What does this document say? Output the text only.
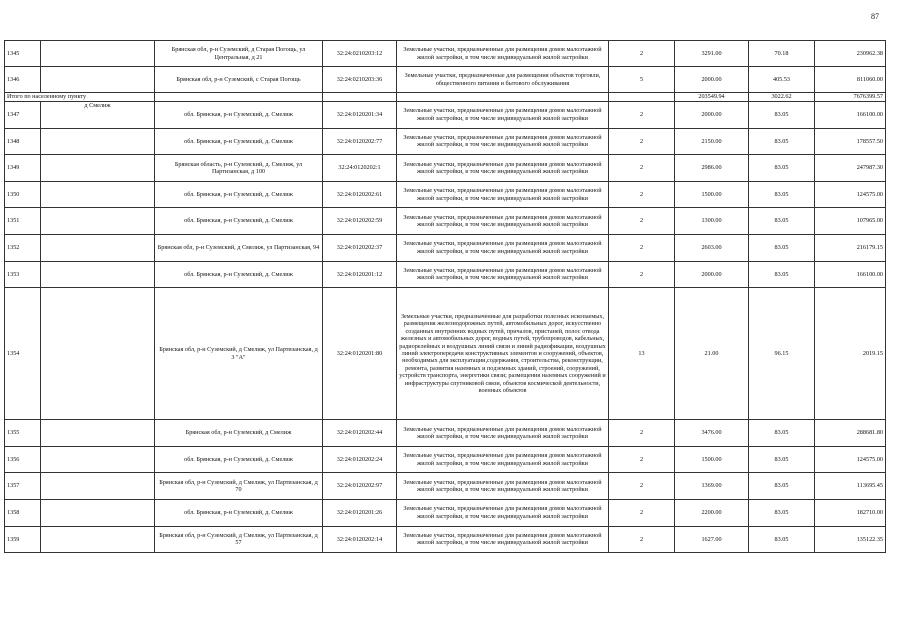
87
1345		Брянская обл, р-н Суземский, д Старая Погощь, ул Центральная, д 21	32:24:0210203:12	Земельные участки, предназначенные для размещения домов малоэтажной жилой застройки, в том числе индивидуальной жилой застройки	2	3291.00	70.18	230962.38
1346		Брянская обл, р-н Суземский, с Старая Погощь	32:24:0210203:36	Земельные участки, предназначенные для размещения объектов торговли, общественного питания и бытового обслуживания	5	2000.00	405.53	811060.00
Итого по населенному пункту						203549.94	3022.62	7676399.57
1347	д Смелиж	обл. Брянская, р-н Суземский, д. Смелиж	32:24:0120201:34	Земельные участки, предназначенные для размещения домов малоэтажной жилой застройки, в том числе индивидуальной жилой застройки	2	2000.00	83.05	166100.00
1348		обл. Брянская, р-н Суземский, д. Смелиж	32:24:0120202:77	Земельные участки, предназначенные для размещения домов малоэтажной жилой застройки, в том числе индивидуальной жилой застройки	2	2150.00	83.05	178557.50
1349		Брянская область, р-н Суземский, д. Смелиж, ул Партизанская, д 100	32:24:0120202:1	Земельные участки, предназначенные для размещения домов малоэтажной жилой застройки, в том числе индивидуальной жилой застройки	2	2986.00	83.05	247987.30
1350		обл. Брянская, р-н Суземский, д. Смелиж	32:24:0120202:61	Земельные участки, предназначенные для размещения домов малоэтажной жилой застройки, в том числе индивидуальной жилой застройки	2	1500.00	83.05	124575.00
1351		обл. Брянская, р-н Суземский, д. Смелиж	32:24:0120202:59	Земельные участки, предназначенные для размещения домов малоэтажной жилой застройки, в том числе индивидуальной жилой застройки	2	1300.00	83.05	107965.00
1352		Брянская обл, р-н Суземский, д Смелиж, ул Партизанская, 94	32:24:0120202:37	Земельные участки, предназначенные для размещения домов малоэтажной жилой застройки, в том числе индивидуальной жилой застройки	2	2603.00	83.05	216179.15
1353		обл. Брянская, р-н Суземский, д. Смелиж	32:24:0120201:12	Земельные участки, предназначенные для размещения домов малоэтажной жилой застройки, в том числе индивидуальной жилой застройки	2	2000.00	83.05	166100.00
1354		Брянская обл, р-н Суземский, д Смелиж, ул Партизанская, д 3 "А"	32:24:0120201:80	Земельные участки, предназначенные для разработки полезных ископаемых, размещения железнодорожных путей, автомобильных дорог, искусственно созданных внутренних водных путей, причалов, пристаней, полос отвода железных и автомобильных дорог, водных путей, трубопроводов, кабельных, радиорелейных и воздушных линий связи и линий радиофикации, воздушных линий электропередачи конструктивных элементов и сооружений, объектов, необходимых для эксплуатации,содержания, строительства, реконструкции, ремонта, развития наземных и подземных зданий, строений, сооружений, устройств транспорта, энергетики связи; размещения наземных сооружений и инфраструктуры спутниковой связи, объектов космической деятельности, военных объектов	13	21.00	96.15	2019.15
1355		Брянская обл, р-н Суземский, д Смелиж	32:24:0120202:44	Земельные участки, предназначенные для размещения домов малоэтажной жилой застройки, в том числе индивидуальной жилой застройки	2	3476.00	83.05	288681.80
1356		обл. Брянская, р-н Суземский, д. Смелиж	32:24:0120202:24	Земельные участки, предназначенные для размещения домов малоэтажной жилой застройки, в том числе индивидуальной жилой застройки	2	1500.00	83.05	124575.00
1357		Брянская обл, р-н Суземский, д Смелиж, ул Партизанская, д 70	32:24:0120202:97	Земельные участки, предназначенные для размещения домов малоэтажной жилой застройки, в том числе индивидуальной жилой застройки	2	1369.00	83.05	113695.45
1358		обл. Брянская, р-н Суземский, д. Смелиж	32:24:0120201:26	Земельные участки, предназначенные для размещения домов малоэтажной жилой застройки, в том числе индивидуальной жилой застройки	2	2200.00	83.05	182710.00
1359		Брянская обл, р-н Суземский, д Смелиж, ул Партизанская, д 57	32:24:0120202:14	Земельные участки, предназначенные для размещения домов малоэтажной жилой застройки, в том числе индивидуальной жилой застройки	2	1627.00	83.05	135122.35
